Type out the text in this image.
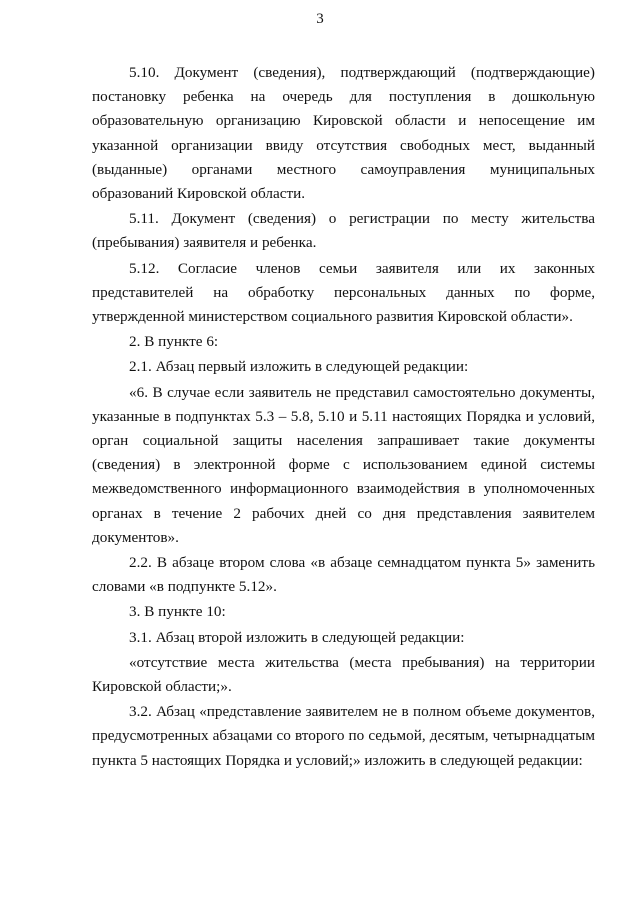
3

5.10. Документ (сведения), подтверждающий (подтверждающие) постановку ребенка на очередь для поступления в дошкольную образовательную организацию Кировской области и непосещение им указанной организации ввиду отсутствия свободных мест, выданный (выданные) органами местного самоуправления муниципальных образований Кировской области.

5.11. Документ (сведения) о регистрации по месту жительства (пребывания) заявителя и ребенка.

5.12. Согласие членов семьи заявителя или их законных представителей на обработку персональных данных по форме, утвержденной министерством социального развития Кировской области».

2. В пункте 6:

2.1. Абзац первый изложить в следующей редакции:

«6. В случае если заявитель не представил самостоятельно документы, указанные в подпунктах 5.3 – 5.8, 5.10 и 5.11 настоящих Порядка и условий, орган социальной защиты населения запрашивает такие документы (сведения) в электронной форме с использованием единой системы межведомственного информационного взаимодействия в уполномоченных органах в течение 2 рабочих дней со дня представления заявителем документов».

2.2. В абзаце втором слова «в абзаце семнадцатом пункта 5» заменить словами «в подпункте 5.12».

3. В пункте 10:

3.1. Абзац второй изложить в следующей редакции:

«отсутствие места жительства (места пребывания) на территории Кировской области;».

3.2. Абзац «представление заявителем не в полном объеме документов, предусмотренных абзацами со второго по седьмой, десятым, четырнадцатым пункта 5 настоящих Порядка и условий;» изложить в следующей редакции:
